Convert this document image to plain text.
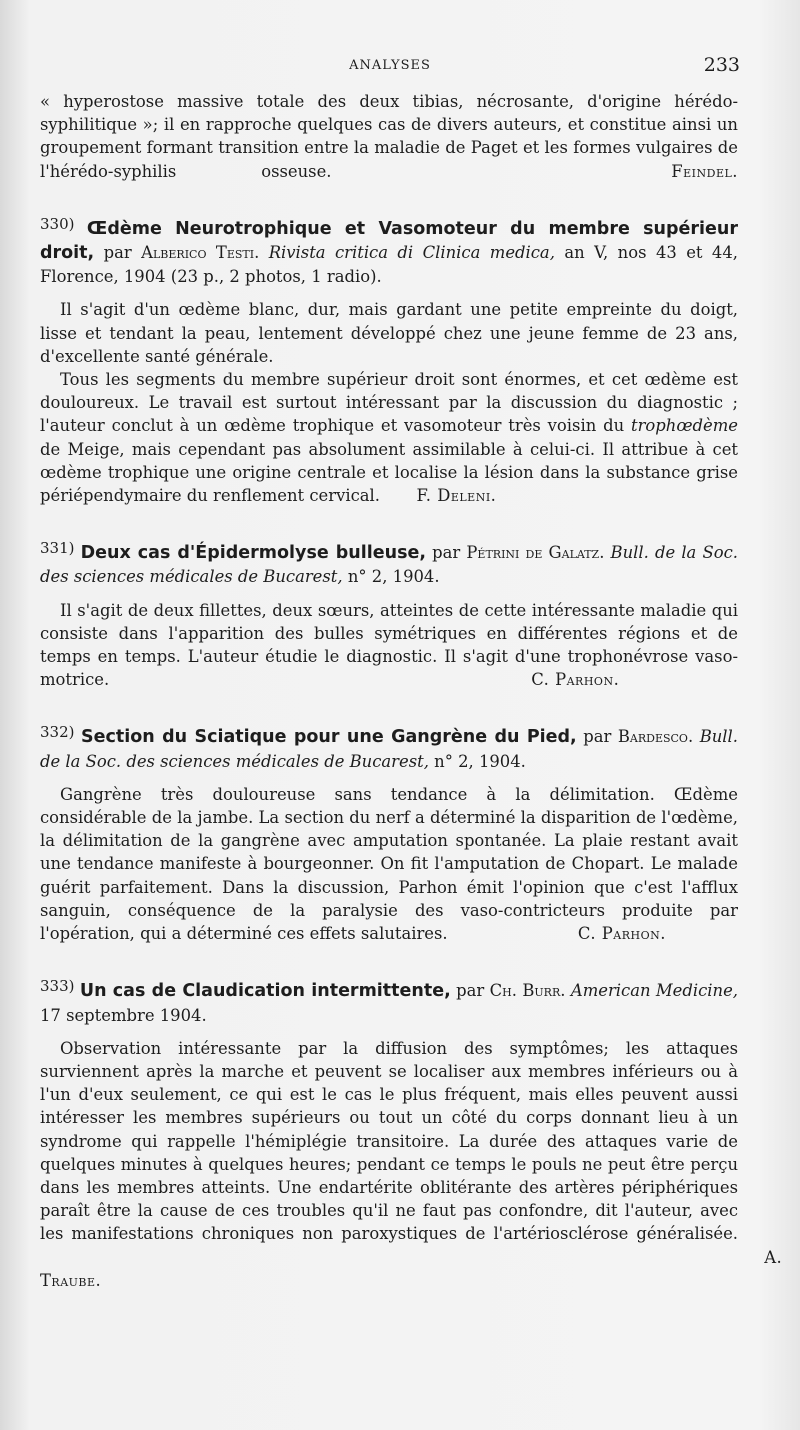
ANALYSES	233

« hyperostose massive totale des deux tibias, nécrosante, d'origine hérédo-syphilitique »; il en rapproche quelques cas de divers auteurs, et constitue ainsi un groupement formant transition entre la maladie de Paget et les formes vulgaires de l'hérédo-syphilis osseuse.	Feindel.

330) Œdème Neurotrophique et Vasomoteur du membre supérieur droit, par Alberico Testi. Rivista critica di Clinica medica, an V, nos 43 et 44, Florence, 1904 (23 p., 2 photos, 1 radio).

Il s'agit d'un œdème blanc, dur, mais gardant une petite empreinte du doigt, lisse et tendant la peau, lentement développé chez une jeune femme de 23 ans, d'excellente santé générale.

Tous les segments du membre supérieur droit sont énormes, et cet œdème est douloureux. Le travail est surtout intéressant par la discussion du diagnostic ; l'auteur conclut à un œdème trophique et vasomoteur très voisin du trophœdème de Meige, mais cependant pas absolument assimilable à celui-ci. Il attribue à cet œdème trophique une origine centrale et localise la lésion dans la substance grise périépendymaire du renflement cervical. F. Deleni.

331) Deux cas d'Épidermolyse bulleuse, par Pétrini de Galatz. Bull. de la Soc. des sciences médicales de Bucarest, n° 2, 1904.

Il s'agit de deux fillettes, deux sœurs, atteintes de cette intéressante maladie qui consiste dans l'apparition des bulles symétriques en différentes régions et de temps en temps. L'auteur étudie le diagnostic. Il s'agit d'une trophonévrose vaso-motrice.	C. Parhon.

332) Section du Sciatique pour une Gangrène du Pied, par Bardesco. Bull. de la Soc. des sciences médicales de Bucarest, n° 2, 1904.

Gangrène très douloureuse sans tendance à la délimitation. Œdème considérable de la jambe. La section du nerf a déterminé la disparition de l'œdème, la délimitation de la gangrène avec amputation spontanée. La plaie restant avait une tendance manifeste à bourgeonner. On fit l'amputation de Chopart. Le malade guérit parfaitement. Dans la discussion, Parhon émit l'opinion que c'est l'afflux sanguin, conséquence de la paralysie des vaso-contricteurs produite par l'opération, qui a déterminé ces effets salutaires.	C. Parhon.

333) Un cas de Claudication intermittente, par Ch. Burr. American Medicine, 17 septembre 1904.

Observation intéressante par la diffusion des symptômes; les attaques surviennent après la marche et peuvent se localiser aux membres inférieurs ou à l'un d'eux seulement, ce qui est le cas le plus fréquent, mais elles peuvent aussi intéresser les membres supérieurs ou tout un côté du corps donnant lieu à un syndrome qui rappelle l'hémiplégie transitoire. La durée des attaques varie de quelques minutes à quelques heures; pendant ce temps le pouls ne peut être perçu dans les membres atteints. Une endartérite oblitérante des artères périphériques paraît être la cause de ces troubles qu'il ne faut pas confondre, dit l'auteur, avec les manifestations chroniques non paroxystiques de l'artériosclérose généralisée.                                                                                                                                            A. Traube.
